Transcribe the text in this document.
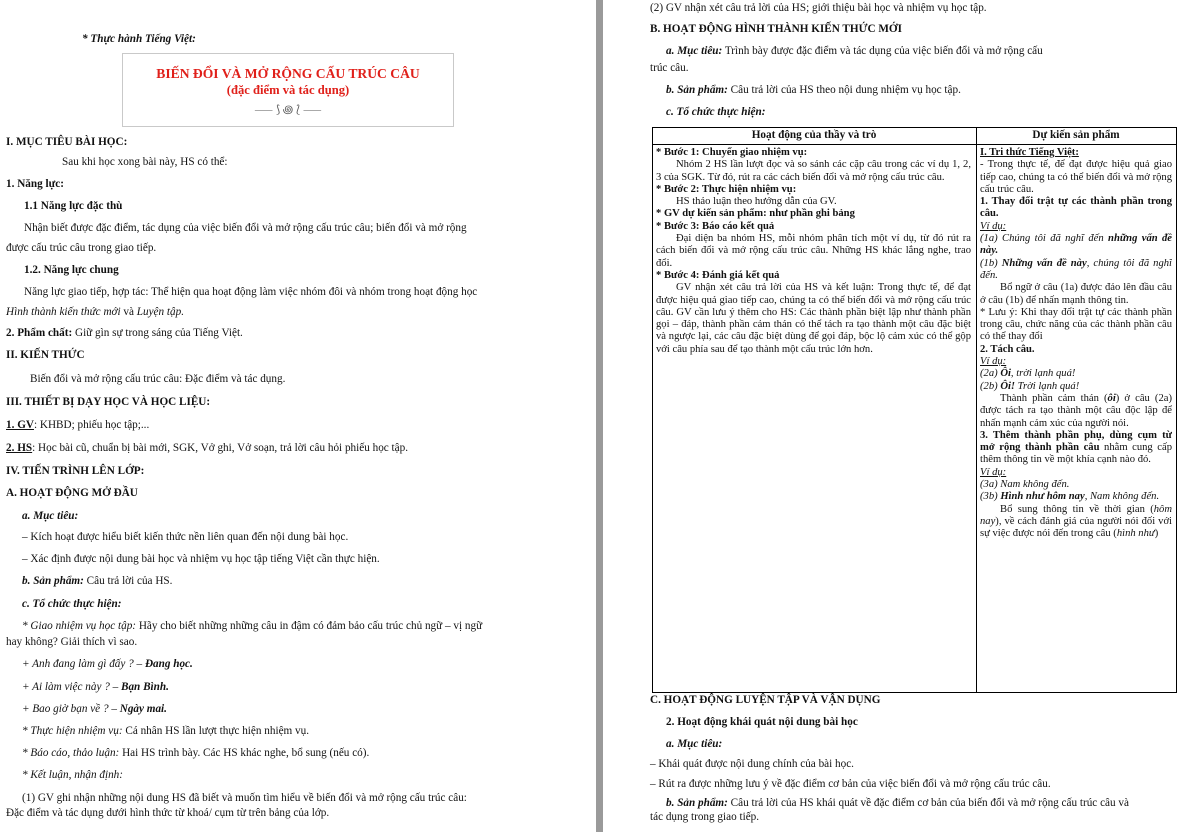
* Thực hành Tiếng Việt:
BIẾN ĐỔI VÀ MỞ RỘNG CẤU TRÚC CÂU
(đặc điểm và tác dụng)
⸺ ⟆ ꩜ ⟅ ⸺
I. MỤC TIÊU BÀI HỌC:
Sau khi học xong bài này, HS có thể:
1. Năng lực:
1.1 Năng lực đặc thù
Nhận biết được đặc điểm, tác dụng của việc biến đổi và mở rộng cấu trúc câu; biến đổi và mở rộng
được cấu trúc câu trong giao tiếp.
1.2. Năng lực chung
Năng lực giao tiếp, hợp tác: Thể hiện qua hoạt động làm việc nhóm đôi và nhóm trong hoạt động học
Hình thành kiến thức mới và Luyện tập.
2. Phẩm chất: Giữ gìn sự trong sáng của Tiếng Việt.
II. KIẾN THỨC
Biến đổi và mở rộng cấu trúc câu: Đặc điểm và tác dụng.
III. THIẾT BỊ DẠY HỌC VÀ HỌC LIỆU:
1. GV: KHBD; phiếu học tập;...
2. HS: Học bài cũ, chuẩn bị bài mới, SGK, Vở ghi, Vở soạn, trả lời câu hỏi phiếu học tập.
IV. TIẾN TRÌNH LÊN LỚP:
A. HOẠT ĐỘNG MỞ ĐẦU
a. Mục tiêu:
– Kích hoạt được hiểu biết kiến thức nền liên quan đến nội dung bài học.
– Xác định được nội dung bài học và nhiệm vụ học tập tiếng Việt cần thực hiện.
b. Sản phẩm: Câu trả lời của HS.
c. Tổ chức thực hiện:
* Giao nhiệm vụ học tập: Hãy cho biết những những câu in đậm có đảm bảo cấu trúc chủ ngữ – vị ngữ
hay không? Giải thích vì sao.
+ Anh đang làm gì đấy ? – Đang học.
+ Ai làm việc này ? – Bạn Bình.
+ Bao giờ bạn về ? – Ngày mai.
* Thực hiện nhiệm vụ: Cá nhân HS lần lượt thực hiện nhiệm vụ.
* Báo cáo, thảo luận: Hai HS trình bày. Các HS khác nghe, bổ sung (nếu có).
* Kết luận, nhận định:
(1) GV ghi nhận những nội dung HS đã biết và muốn tìm hiểu về biến đổi và mở rộng cấu trúc câu:
Đặc điểm và tác dụng dưới hình thức từ khoá/ cụm từ trên bảng của lớp.
(2) GV nhận xét câu trả lời của HS; giới thiệu bài học và nhiệm vụ học tập.
B. HOẠT ĐỘNG HÌNH THÀNH KIẾN THỨC MỚI
a. Mục tiêu: Trình bày được đặc điểm và tác dụng của việc biến đổi và mở rộng cấu
trúc câu.
b. Sản phẩm: Câu trả lời của HS theo nội dung nhiệm vụ học tập.
c. Tổ chức thực hiện:
Hoạt động của thầy và trò	Dự kiến sản phẩm

* Bước 1: Chuyển giao nhiệm vụ:

Nhóm 2 HS lần lượt đọc và so sánh các cặp câu trong các ví dụ 1, 2, 3 của SGK. Từ đó, rút ra các cách biến đổi và mở rộng cấu trúc câu.

* Bước 2: Thực hiện nhiệm vụ:

HS thảo luận theo hướng dẫn của GV.

* GV dự kiến sản phẩm: như phần ghi bảng

* Bước 3: Báo cáo kết quả

Đại diện ba nhóm HS, mỗi nhóm phân tích một ví dụ, từ đó rút ra cách biến đổi và mở rộng cấu trúc câu. Những HS khác lắng nghe, trao đổi.

* Bước 4: Đánh giá kết quả

GV nhận xét câu trả lời của HS và kết luận: Trong thực tế, để đạt được hiệu quả giao tiếp cao, chúng ta có thể biến đổi và mở rộng cấu trúc câu. GV cần lưu ý thêm cho HS: Các thành phần biệt lập như thành phần gọi – đáp, thành phần cảm thán có thể tách ra tạo thành một câu đặc biệt và ngược lại, các câu đặc biệt dùng để gọi đáp, bộc lộ cảm xúc có thể gộp với câu phía sau để tạo thành một cấu trúc lớn hơn.

I. Tri thức Tiếng Việt:

- Trong thực tế, để đạt được hiệu quả giao tiếp cao, chúng ta có thể biến đổi và mở rộng cấu trúc câu.

1. Thay đổi trật tự các thành phần trong câu.

Ví dụ:

(1a) Chúng tôi đã nghĩ đến những vấn đề này.

(1b) Những vấn đề này, chúng tôi đã nghĩ đến.

Bổ ngữ ở câu (1a) được đảo lên đầu câu ở câu (1b) để nhấn mạnh thông tin.

* Lưu ý: Khi thay đổi trật tự các thành phần trong câu, chức năng của các thành phần câu có thể thay đổi

2. Tách câu.

Ví dụ:

(2a) Ôi, trời lạnh quá!

(2b) Ôi! Trời lạnh quá!

Thành phần cảm thán (ôi) ở câu (2a) được tách ra tạo thành một câu độc lập để nhấn mạnh cảm xúc của người nói.

3. Thêm thành phần phụ, dùng cụm từ mở rộng thành phần câu nhằm cung cấp thêm thông tin về một khía cạnh nào đó.

Ví dụ:

(3a) Nam không đến.

(3b) Hình như hôm nay, Nam không đến.

Bổ sung thông tin về thời gian (hôm nay), về cách đánh giá của người nói đối với sự việc được nói đến trong câu (hình như)

C. HOẠT ĐỘNG LUYỆN TẬP VÀ VẬN DỤNG
2. Hoạt động khái quát nội dung bài học
a. Mục tiêu:
– Khái quát được nội dung chính của bài học.
– Rút ra được những lưu ý về đặc điểm cơ bản của việc biến đổi và mở rộng cấu trúc câu.
b. Sản phẩm: Câu trả lời của HS khái quát về đặc điểm cơ bản của biến đổi và mở rộng cấu trúc câu và
tác dụng trong giao tiếp.
